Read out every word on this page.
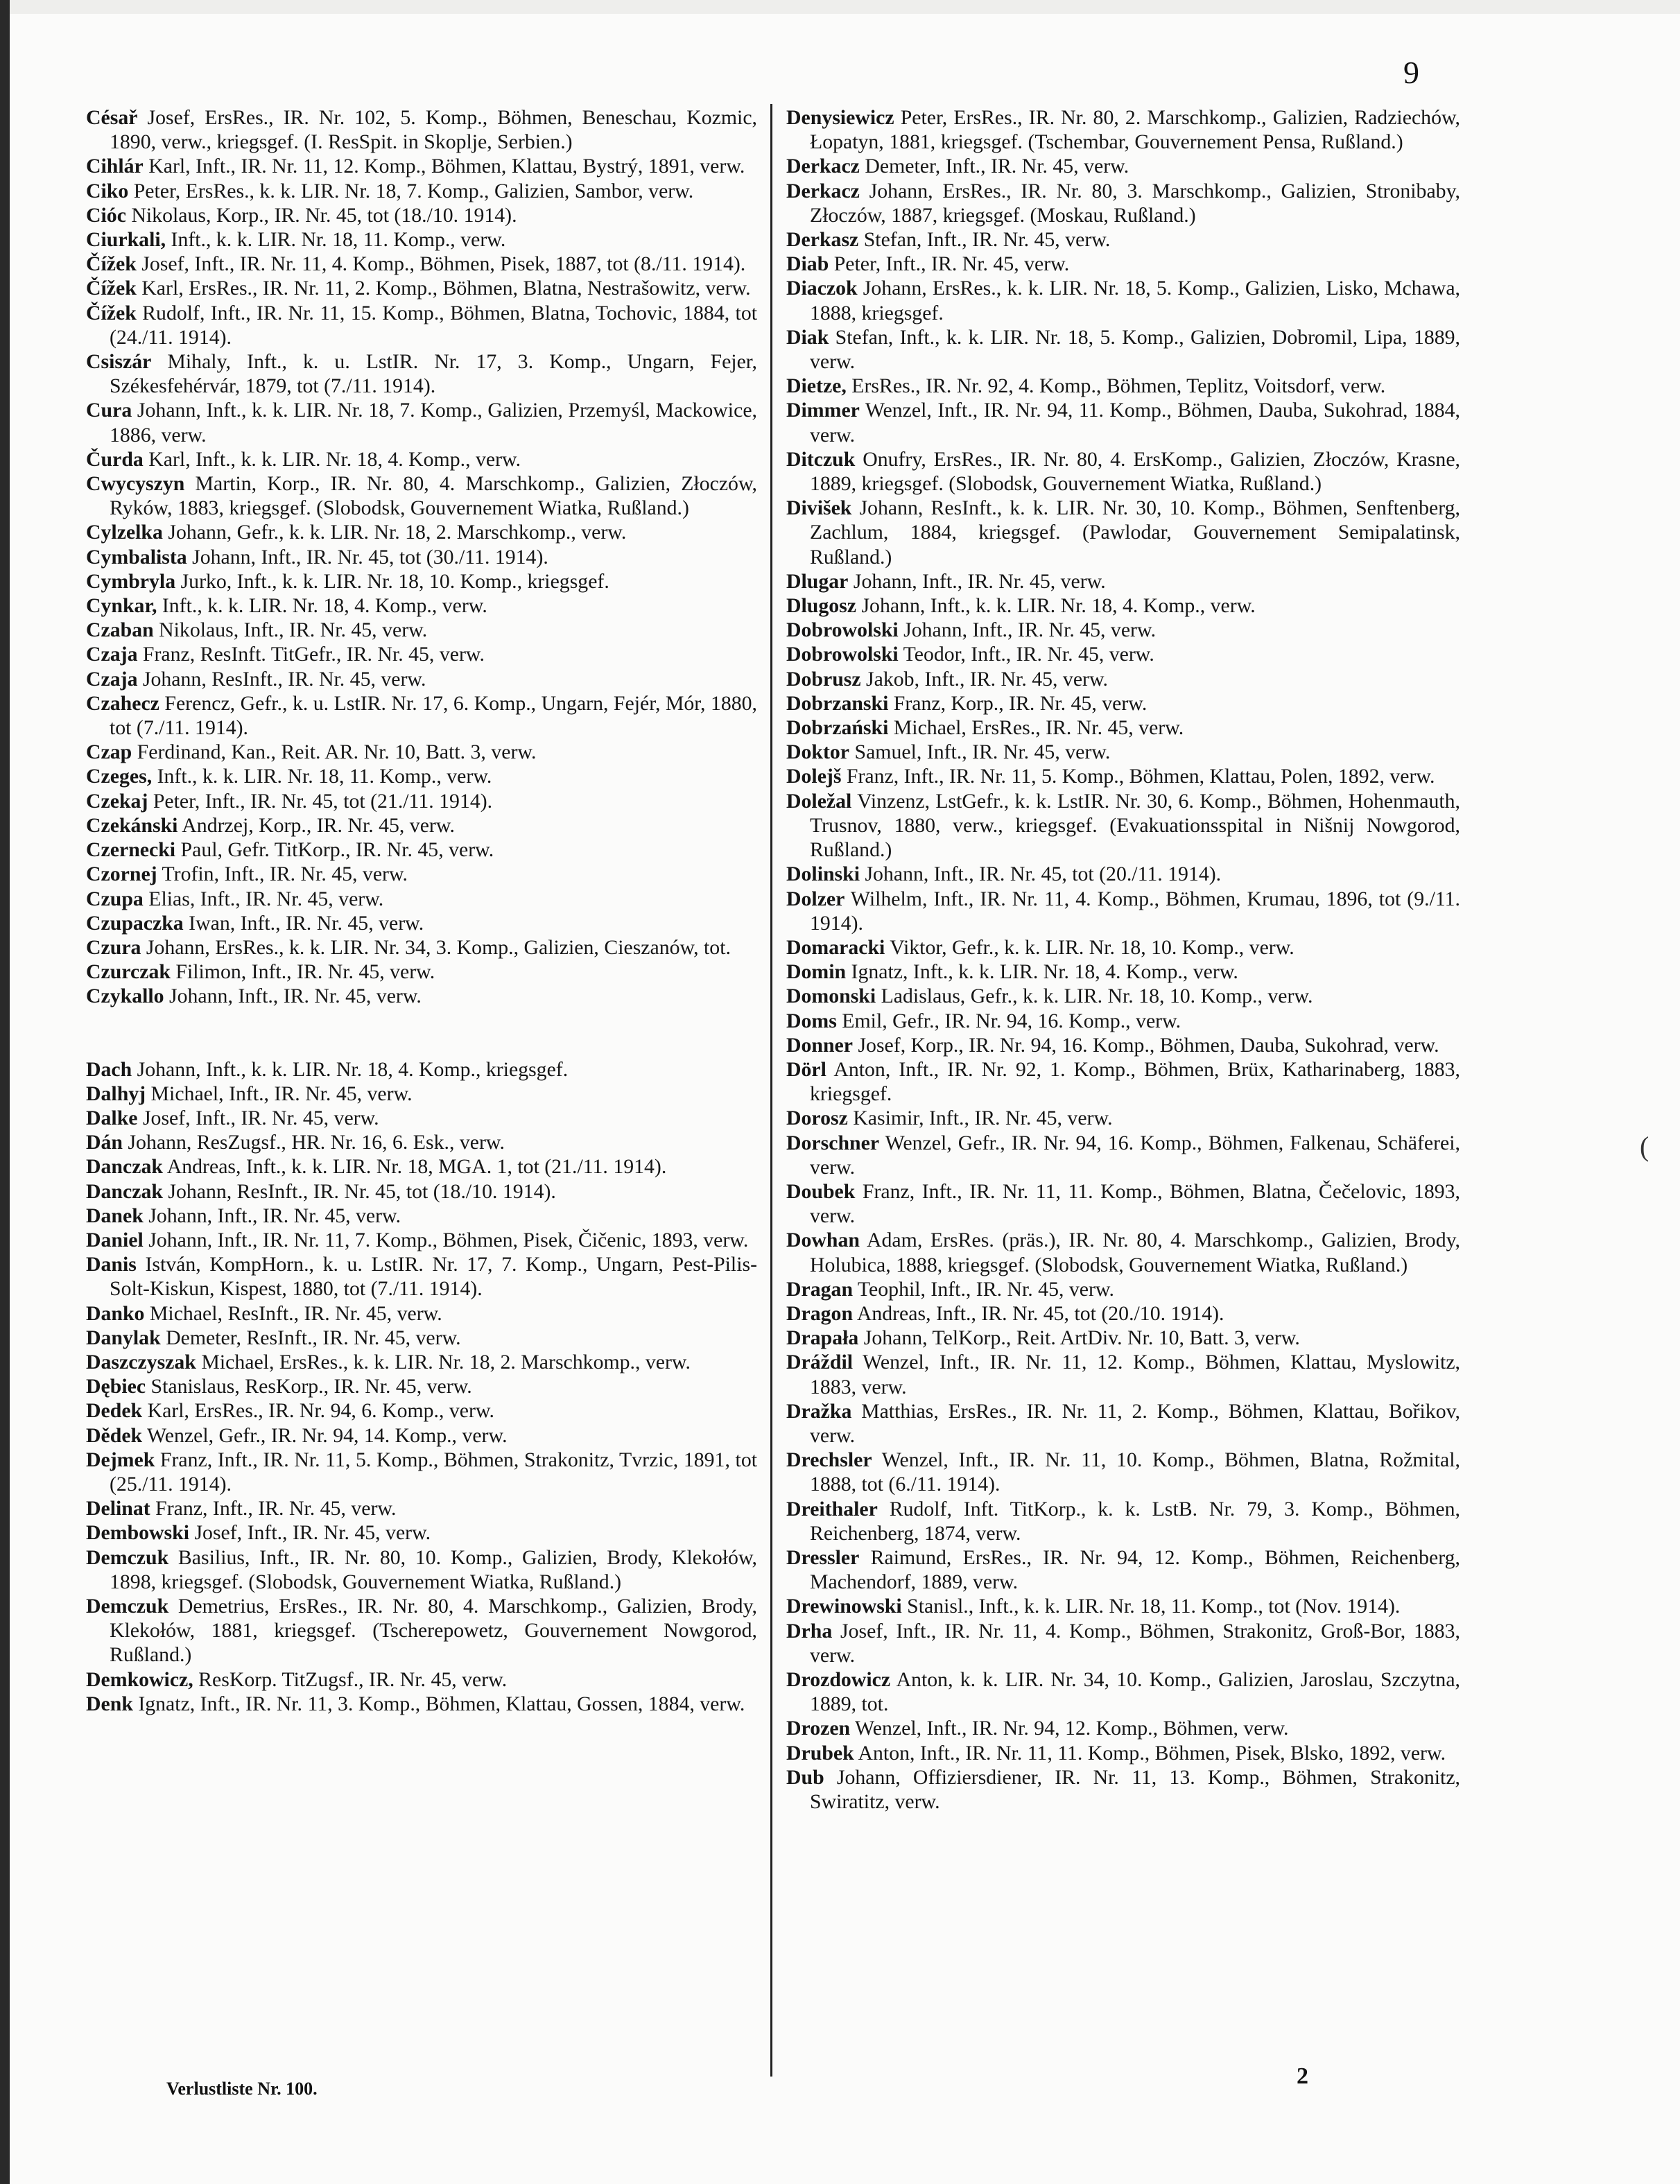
9

Césař Josef, ErsRes., IR. Nr. 102, 5. Komp., Böhmen, Beneschau, Kozmic, 1890, verw., kriegsgef. (I. ResSpit. in Skoplje, Serbien.)

Cihlár Karl, Inft., IR. Nr. 11, 12. Komp., Böhmen, Klattau, Bystrý, 1891, verw.

Ciko Peter, ErsRes., k. k. LIR. Nr. 18, 7. Komp., Galizien, Sambor, verw.

Cióc Nikolaus, Korp., IR. Nr. 45, tot (18./10. 1914).

Ciurkali, Inft., k. k. LIR. Nr. 18, 11. Komp., verw.

Čížek Josef, Inft., IR. Nr. 11, 4. Komp., Böhmen, Pisek, 1887, tot (8./11. 1914).

Čížek Karl, ErsRes., IR. Nr. 11, 2. Komp., Böhmen, Blatna, Nestrašowitz, verw.

Čížek Rudolf, Inft., IR. Nr. 11, 15. Komp., Böhmen, Blatna, Tochovic, 1884, tot (24./11. 1914).

Csiszár Mihaly, Inft., k. u. LstIR. Nr. 17, 3. Komp., Ungarn, Fejer, Székesfehérvár, 1879, tot (7./11. 1914).

Cura Johann, Inft., k. k. LIR. Nr. 18, 7. Komp., Galizien, Przemyśl, Mackowice, 1886, verw.

Čurda Karl, Inft., k. k. LIR. Nr. 18, 4. Komp., verw.

Cwycyszyn Martin, Korp., IR. Nr. 80, 4. Marschkomp., Galizien, Złoczów, Ryków, 1883, kriegsgef. (Slobodsk, Gouvernement Wiatka, Rußland.)

Cylzelka Johann, Gefr., k. k. LIR. Nr. 18, 2. Marschkomp., verw.

Cymbalista Johann, Inft., IR. Nr. 45, tot (30./11. 1914).

Cymbryla Jurko, Inft., k. k. LIR. Nr. 18, 10. Komp., kriegsgef.

Cynkar, Inft., k. k. LIR. Nr. 18, 4. Komp., verw.

Czaban Nikolaus, Inft., IR. Nr. 45, verw.

Czaja Franz, ResInft. TitGefr., IR. Nr. 45, verw.

Czaja Johann, ResInft., IR. Nr. 45, verw.

Czahecz Ferencz, Gefr., k. u. LstIR. Nr. 17, 6. Komp., Ungarn, Fejér, Mór, 1880, tot (7./11. 1914).

Czap Ferdinand, Kan., Reit. AR. Nr. 10, Batt. 3, verw.

Czeges, Inft., k. k. LIR. Nr. 18, 11. Komp., verw.

Czekaj Peter, Inft., IR. Nr. 45, tot (21./11. 1914).

Czekánski Andrzej, Korp., IR. Nr. 45, verw.

Czernecki Paul, Gefr. TitKorp., IR. Nr. 45, verw.

Czornej Trofin, Inft., IR. Nr. 45, verw.

Czupa Elias, Inft., IR. Nr. 45, verw.

Czupaczka Iwan, Inft., IR. Nr. 45, verw.

Czura Johann, ErsRes., k. k. LIR. Nr. 34, 3. Komp., Galizien, Cieszanów, tot.

Czurczak Filimon, Inft., IR. Nr. 45, verw.

Czykallo Johann, Inft., IR. Nr. 45, verw.

Dach Johann, Inft., k. k. LIR. Nr. 18, 4. Komp., kriegsgef.

Dalhyj Michael, Inft., IR. Nr. 45, verw.

Dalke Josef, Inft., IR. Nr. 45, verw.

Dán Johann, ResZugsf., HR. Nr. 16, 6. Esk., verw.

Danczak Andreas, Inft., k. k. LIR. Nr. 18, MGA. 1, tot (21./11. 1914).

Danczak Johann, ResInft., IR. Nr. 45, tot (18./10. 1914).

Danek Johann, Inft., IR. Nr. 45, verw.

Daniel Johann, Inft., IR. Nr. 11, 7. Komp., Böhmen, Pisek, Čičenic, 1893, verw.

Danis István, KompHorn., k. u. LstIR. Nr. 17, 7. Komp., Ungarn, Pest-Pilis-Solt-Kiskun, Kispest, 1880, tot (7./11. 1914).

Danko Michael, ResInft., IR. Nr. 45, verw.

Danylak Demeter, ResInft., IR. Nr. 45, verw.

Daszczyszak Michael, ErsRes., k. k. LIR. Nr. 18, 2. Marschkomp., verw.

Dębiec Stanislaus, ResKorp., IR. Nr. 45, verw.

Dedek Karl, ErsRes., IR. Nr. 94, 6. Komp., verw.

Dědek Wenzel, Gefr., IR. Nr. 94, 14. Komp., verw.

Dejmek Franz, Inft., IR. Nr. 11, 5. Komp., Böhmen, Strakonitz, Tvrzic, 1891, tot (25./11. 1914).

Delinat Franz, Inft., IR. Nr. 45, verw.

Dembowski Josef, Inft., IR. Nr. 45, verw.

Demczuk Basilius, Inft., IR. Nr. 80, 10. Komp., Galizien, Brody, Klekołów, 1898, kriegsgef. (Slobodsk, Gouvernement Wiatka, Rußland.)

Demczuk Demetrius, ErsRes., IR. Nr. 80, 4. Marschkomp., Galizien, Brody, Klekołów, 1881, kriegsgef. (Tscherepowetz, Gouvernement Nowgorod, Rußland.)

Demkowicz, ResKorp. TitZugsf., IR. Nr. 45, verw.

Denk Ignatz, Inft., IR. Nr. 11, 3. Komp., Böhmen, Klattau, Gossen, 1884, verw.

Denysiewicz Peter, ErsRes., IR. Nr. 80, 2. Marschkomp., Galizien, Radziechów, Łopatyn, 1881, kriegsgef. (Tschembar, Gouvernement Pensa, Rußland.)

Derkacz Demeter, Inft., IR. Nr. 45, verw.

Derkacz Johann, ErsRes., IR. Nr. 80, 3. Marschkomp., Galizien, Stronibaby, Złoczów, 1887, kriegsgef. (Moskau, Rußland.)

Derkasz Stefan, Inft., IR. Nr. 45, verw.

Diab Peter, Inft., IR. Nr. 45, verw.

Diaczok Johann, ErsRes., k. k. LIR. Nr. 18, 5. Komp., Galizien, Lisko, Mchawa, 1888, kriegsgef.

Diak Stefan, Inft., k. k. LIR. Nr. 18, 5. Komp., Galizien, Dobromil, Lipa, 1889, verw.

Dietze, ErsRes., IR. Nr. 92, 4. Komp., Böhmen, Teplitz, Voitsdorf, verw.

Dimmer Wenzel, Inft., IR. Nr. 94, 11. Komp., Böhmen, Dauba, Sukohrad, 1884, verw.

Ditczuk Onufry, ErsRes., IR. Nr. 80, 4. ErsKomp., Galizien, Złoczów, Krasne, 1889, kriegsgef. (Slobodsk, Gouvernement Wiatka, Rußland.)

Divišek Johann, ResInft., k. k. LIR. Nr. 30, 10. Komp., Böhmen, Senftenberg, Zachlum, 1884, kriegsgef. (Pawlodar, Gouvernement Semipalatinsk, Rußland.)

Dlugar Johann, Inft., IR. Nr. 45, verw.

Dlugosz Johann, Inft., k. k. LIR. Nr. 18, 4. Komp., verw.

Dobrowolski Johann, Inft., IR. Nr. 45, verw.

Dobrowolski Teodor, Inft., IR. Nr. 45, verw.

Dobrusz Jakob, Inft., IR. Nr. 45, verw.

Dobrzanski Franz, Korp., IR. Nr. 45, verw.

Dobrzański Michael, ErsRes., IR. Nr. 45, verw.

Doktor Samuel, Inft., IR. Nr. 45, verw.

Dolejš Franz, Inft., IR. Nr. 11, 5. Komp., Böhmen, Klattau, Polen, 1892, verw.

Doležal Vinzenz, LstGefr., k. k. LstIR. Nr. 30, 6. Komp., Böhmen, Hohenmauth, Trusnov, 1880, verw., kriegsgef. (Evakuationsspital in Nišnij Nowgorod, Rußland.)

Dolinski Johann, Inft., IR. Nr. 45, tot (20./11. 1914).

Dolzer Wilhelm, Inft., IR. Nr. 11, 4. Komp., Böhmen, Krumau, 1896, tot (9./11. 1914).

Domaracki Viktor, Gefr., k. k. LIR. Nr. 18, 10. Komp., verw.

Domin Ignatz, Inft., k. k. LIR. Nr. 18, 4. Komp., verw.

Domonski Ladislaus, Gefr., k. k. LIR. Nr. 18, 10. Komp., verw.

Doms Emil, Gefr., IR. Nr. 94, 16. Komp., verw.

Donner Josef, Korp., IR. Nr. 94, 16. Komp., Böhmen, Dauba, Sukohrad, verw.

Dörl Anton, Inft., IR. Nr. 92, 1. Komp., Böhmen, Brüx, Katharinaberg, 1883, kriegsgef.

Dorosz Kasimir, Inft., IR. Nr. 45, verw.

Dorschner Wenzel, Gefr., IR. Nr. 94, 16. Komp., Böhmen, Falkenau, Schäferei, verw.

Doubek Franz, Inft., IR. Nr. 11, 11. Komp., Böhmen, Blatna, Čečelovic, 1893, verw.

Dowhan Adam, ErsRes. (präs.), IR. Nr. 80, 4. Marschkomp., Galizien, Brody, Holubica, 1888, kriegsgef. (Slobodsk, Gouvernement Wiatka, Rußland.)

Dragan Teophil, Inft., IR. Nr. 45, verw.

Dragon Andreas, Inft., IR. Nr. 45, tot (20./10. 1914).

Drapała Johann, TelKorp., Reit. ArtDiv. Nr. 10, Batt. 3, verw.

Dráždil Wenzel, Inft., IR. Nr. 11, 12. Komp., Böhmen, Klattau, Myslowitz, 1883, verw.

Dražka Matthias, ErsRes., IR. Nr. 11, 2. Komp., Böhmen, Klattau, Bořikov, verw.

Drechsler Wenzel, Inft., IR. Nr. 11, 10. Komp., Böhmen, Blatna, Rožmital, 1888, tot (6./11. 1914).

Dreithaler Rudolf, Inft. TitKorp., k. k. LstB. Nr. 79, 3. Komp., Böhmen, Reichenberg, 1874, verw.

Dressler Raimund, ErsRes., IR. Nr. 94, 12. Komp., Böhmen, Reichenberg, Machendorf, 1889, verw.

Drewinowski Stanisl., Inft., k. k. LIR. Nr. 18, 11. Komp., tot (Nov. 1914).

Drha Josef, Inft., IR. Nr. 11, 4. Komp., Böhmen, Strakonitz, Groß-Bor, 1883, verw.

Drozdowicz Anton, k. k. LIR. Nr. 34, 10. Komp., Galizien, Jaroslau, Szczytna, 1889, tot.

Drozen Wenzel, Inft., IR. Nr. 94, 12. Komp., Böhmen, verw.

Drubek Anton, Inft., IR. Nr. 11, 11. Komp., Böhmen, Pisek, Blsko, 1892, verw.

Dub Johann, Offiziersdiener, IR. Nr. 11, 13. Komp., Böhmen, Strakonitz, Swiratitz, verw.

(
Verlustliste Nr. 100.	2
